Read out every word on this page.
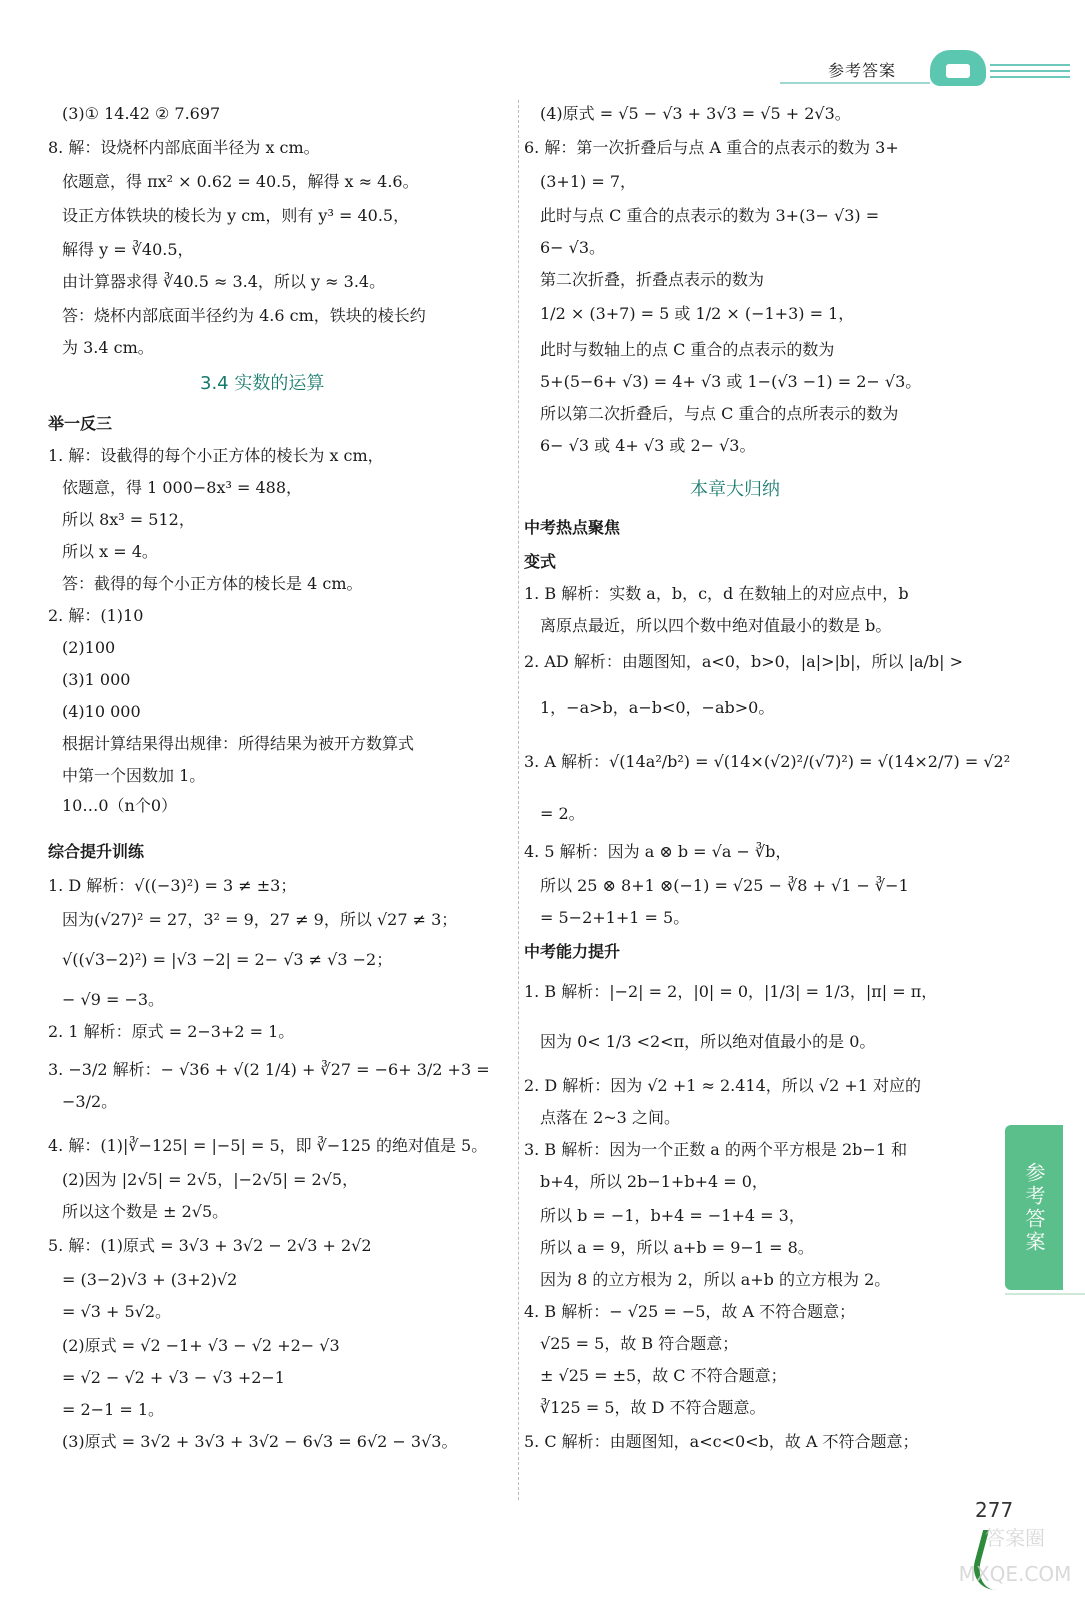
参考答案
(3)① 14.42 ② 7.697
8. 解：设烧杯内部底面半径为 x cm。
依题意，得 πx² × 0.62 = 40.5，解得 x ≈ 4.6。
设正方体铁块的棱长为 y cm，则有 y³ = 40.5，
解得 y = ∛40.5，
由计算器求得 ∛40.5 ≈ 3.4，所以 y ≈ 3.4。
答：烧杯内部底面半径约为 4.6 cm，铁块的棱长约
为 3.4 cm。
3.4 实数的运算
举一反三
1. 解：设截得的每个小正方体的棱长为 x cm，
依题意，得 1 000−8x³ = 488，
所以 8x³ = 512，
所以 x = 4。
答：截得的每个小正方体的棱长是 4 cm。
2. 解：(1)10
(2)100
(3)1 000
(4)10 000
根据计算结果得出规律：所得结果为被开方数算式
中第一个因数加 1。
10…0（n个0）
综合提升训练
1. D 解析：√((−3)²) = 3 ≠ ±3；
因为(√27)² = 27，3² = 9，27 ≠ 9，所以 √27 ≠ 3；
√((√3−2)²) = |√3 −2| = 2− √3 ≠ √3 −2；
− √9 = −3。
2. 1 解析：原式 = 2−3+2 = 1。
3. −3/2 解析：− √36 + √(2 1/4) + ∛27 = −6+ 3/2 +3 =
−3/2。
4. 解：(1)|∛−125| = |−5| = 5，即 ∛−125 的绝对值是 5。
(2)因为 |2√5| = 2√5，|−2√5| = 2√5，
所以这个数是 ± 2√5。
5. 解：(1)原式 = 3√3 + 3√2 − 2√3 + 2√2
= (3−2)√3 + (3+2)√2
= √3 + 5√2。
(2)原式 = √2 −1+ √3 − √2 +2− √3
= √2 − √2 + √3 − √3 +2−1
= 2−1 = 1。
(3)原式 = 3√2 + 3√3 + 3√2 − 6√3 = 6√2 − 3√3。
(4)原式 = √5 − √3 + 3√3 = √5 + 2√3。
6. 解：第一次折叠后与点 A 重合的点表示的数为 3+
(3+1) = 7，
此时与点 C 重合的点表示的数为 3+(3− √3) =
6− √3。
第二次折叠，折叠点表示的数为
1/2 × (3+7) = 5 或 1/2 × (−1+3) = 1，
此时与数轴上的点 C 重合的点表示的数为
5+(5−6+ √3) = 4+ √3 或 1−(√3 −1) = 2− √3。
所以第二次折叠后，与点 C 重合的点所表示的数为
6− √3 或 4+ √3 或 2− √3。
本章大归纳
中考热点聚焦
变式
1. B 解析：实数 a，b，c，d 在数轴上的对应点中，b
离原点最近，所以四个数中绝对值最小的数是 b。
2. AD 解析：由题图知，a<0，b>0，|a|>|b|，所以 |a/b| >
1，−a>b，a−b<0，−ab>0。
3. A 解析：√(14a²/b²) = √(14×(√2)²/(√7)²) = √(14×2/7) = √2²
= 2。
4. 5 解析：因为 a ⊗ b = √a − ∛b，
所以 25 ⊗ 8+1 ⊗(−1) = √25 − ∛8 + √1 − ∛−1
= 5−2+1+1 = 5。
中考能力提升
1. B 解析：|−2| = 2，|0| = 0，|1/3| = 1/3，|π| = π，
因为 0< 1/3 <2<π，所以绝对值最小的是 0。
2. D 解析：因为 √2 +1 ≈ 2.414，所以 √2 +1 对应的
点落在 2~3 之间。
3. B 解析：因为一个正数 a 的两个平方根是 2b−1 和
b+4，所以 2b−1+b+4 = 0，
所以 b = −1，b+4 = −1+4 = 3，
所以 a = 9，所以 a+b = 9−1 = 8。
因为 8 的立方根为 2，所以 a+b 的立方根为 2。
4. B 解析：− √25 = −5，故 A 不符合题意；
√25 = 5，故 B 符合题意；
± √25 = ±5，故 C 不符合题意；
∛125 = 5，故 D 不符合题意。
5. C 解析：由题图知，a<c<0<b，故 A 不符合题意；
参考答案
277
答案圈
MXQE.COM
